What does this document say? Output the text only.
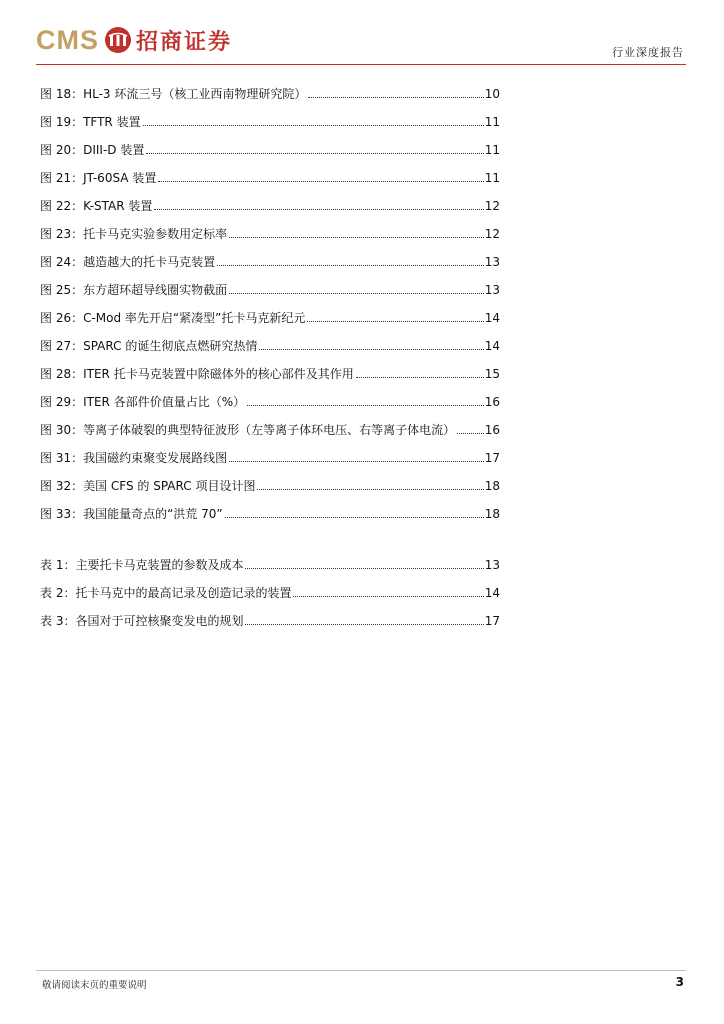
CMS 招商证券	行业深度报告
图 18：HL-3 环流三号（核工业西南物理研究院）	10
图 19：TFTR 装置	11
图 20：DIII-D 装置	11
图 21：JT-60SA 装置	11
图 22：K-STAR 装置	12
图 23：托卡马克实验参数用定标率	12
图 24：越造越大的托卡马克装置	13
图 25：东方超环超导线圈实物截面	13
图 26：C-Mod 率先开启“紧凑型”托卡马克新纪元	14
图 27：SPARC 的诞生彻底点燃研究热情	14
图 28：ITER 托卡马克装置中除磁体外的核心部件及其作用	15
图 29：ITER 各部件价值量占比（%）	16
图 30：等离子体破裂的典型特征波形（左等离子体环电压、右等离子体电流） 16
图 31：我国磁约束聚变发展路线图	17
图 32：美国 CFS 的 SPARC 项目设计图	18
图 33：我国能量奇点的“洪荒 70”	18
表 1：主要托卡马克装置的参数及成本	13
表 2：托卡马克中的最高记录及创造记录的装置	14
表 3：各国对于可控核聚变发电的规划	17
敬请阅读末页的重要说明	3
